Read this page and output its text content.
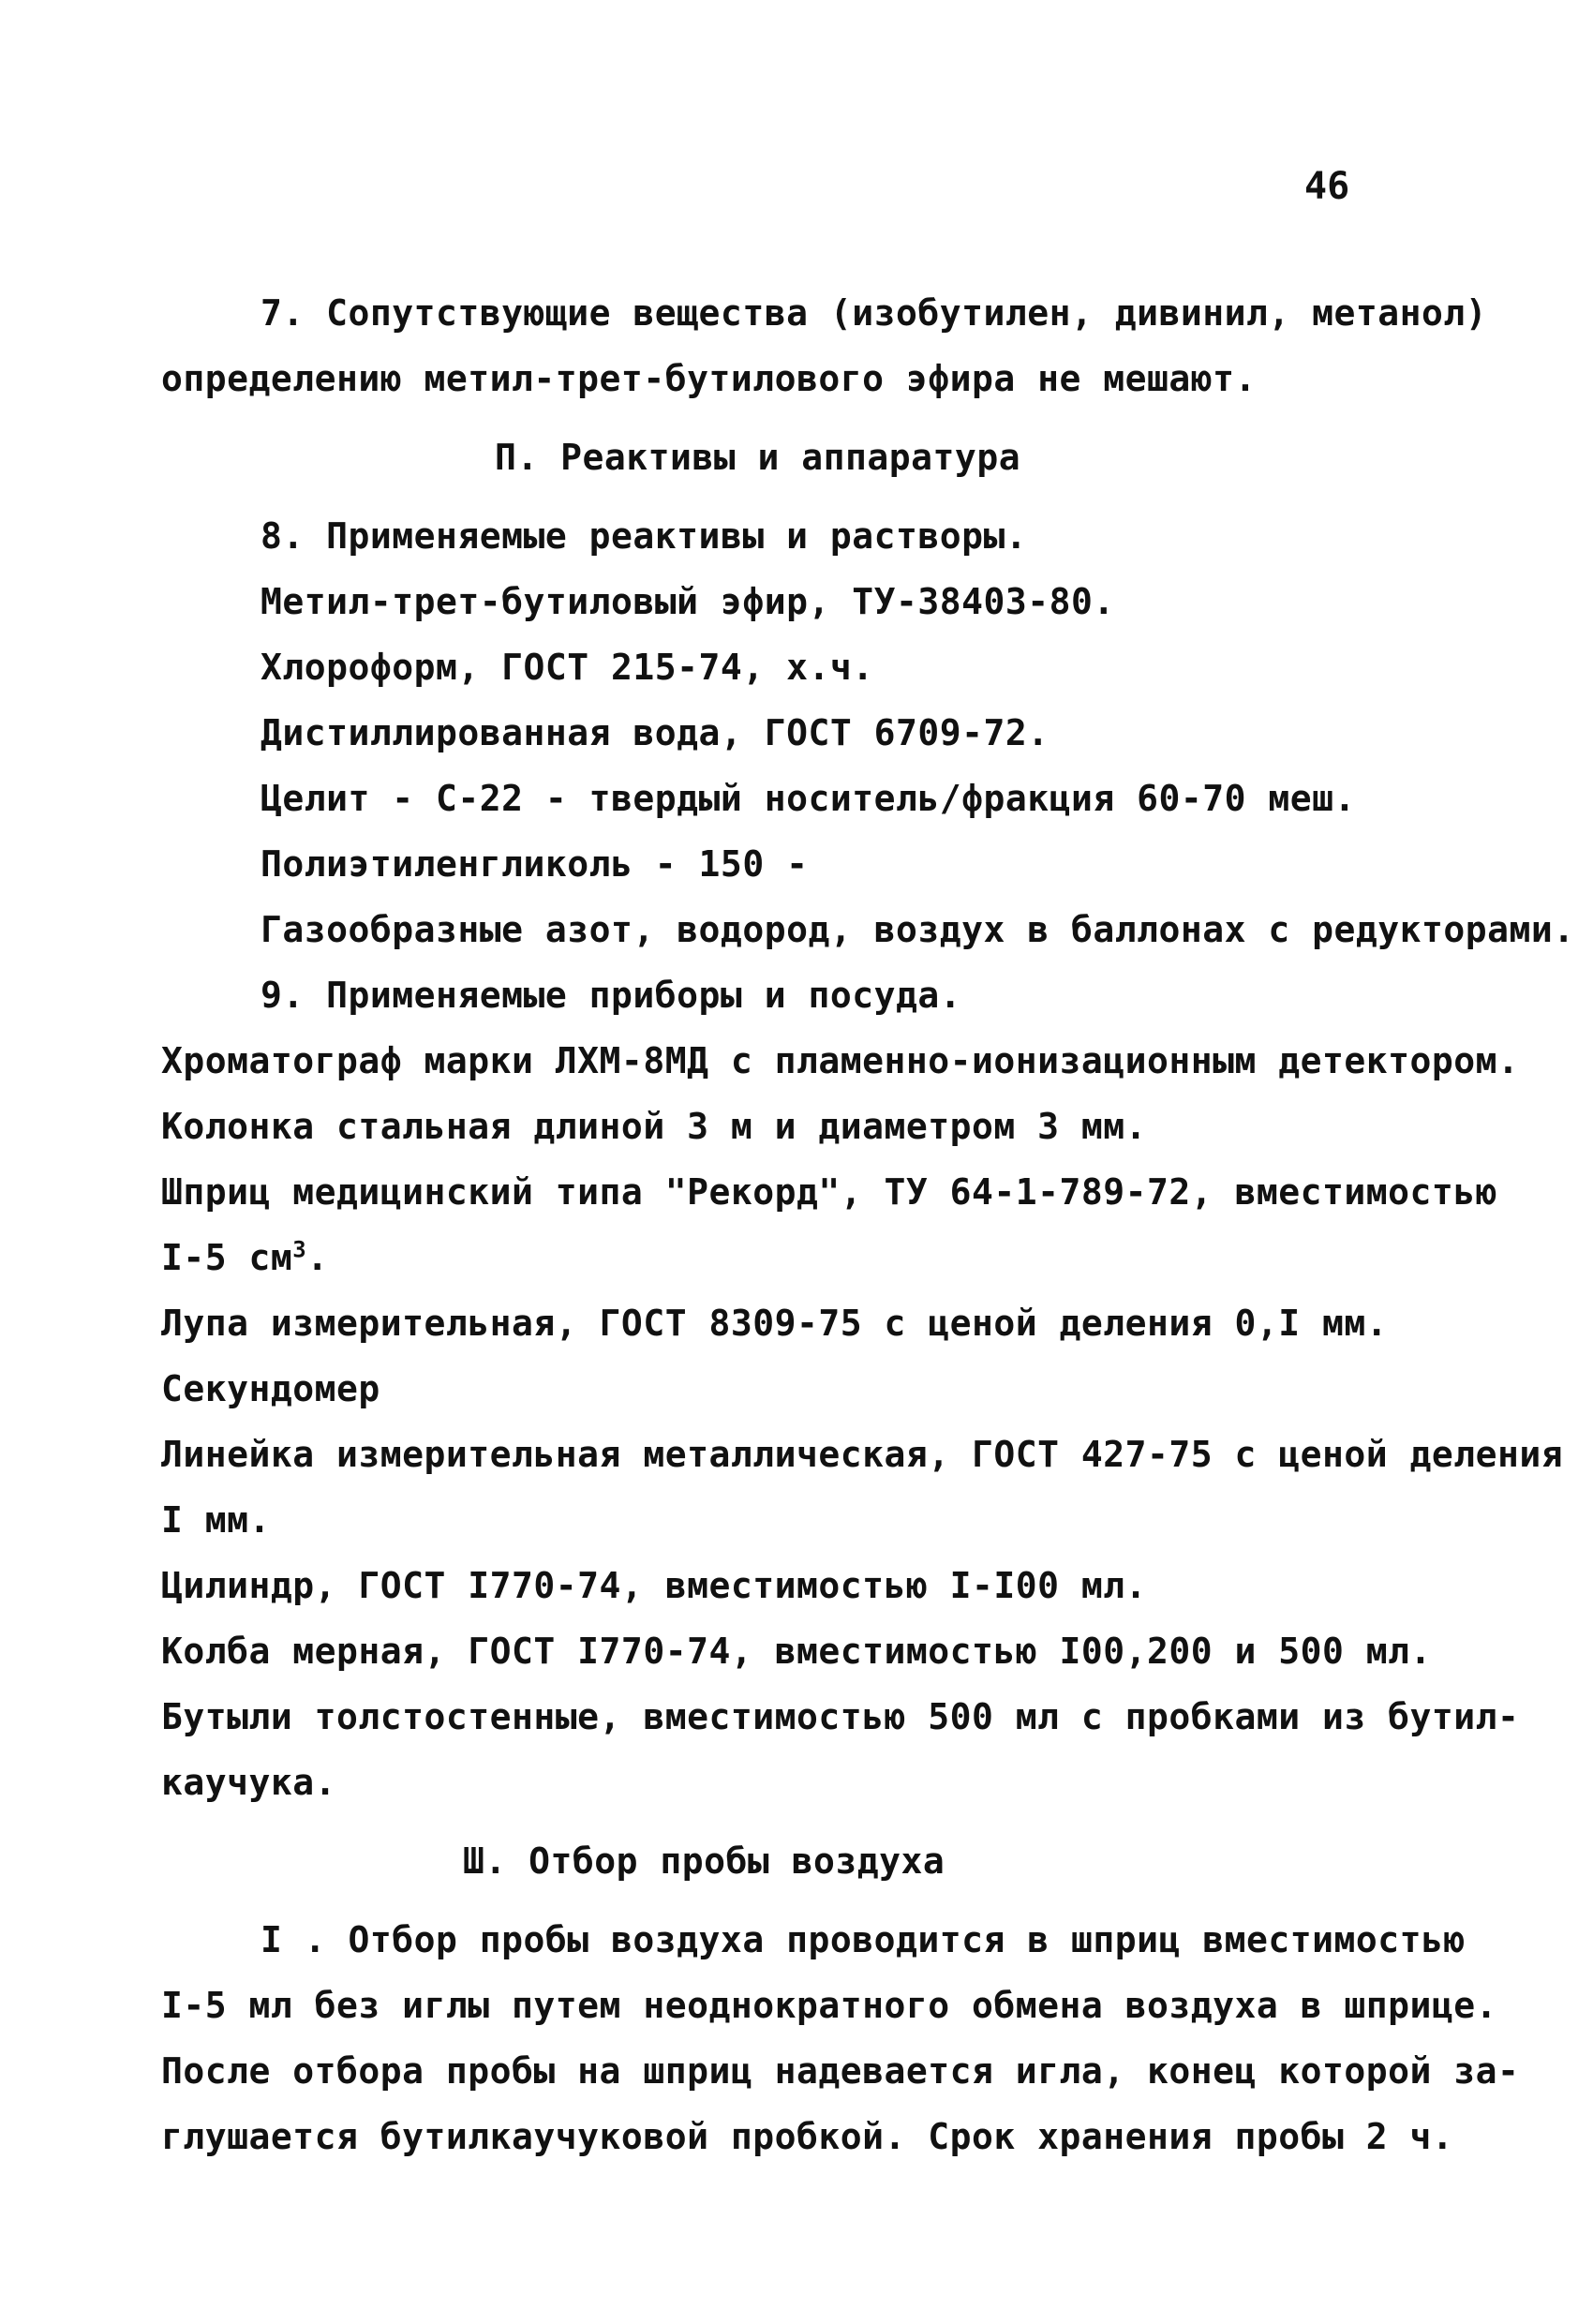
46
7. Сопутствующие вещества (изобутилен, дивинил, метанол)
определению метил-трет-бутилового эфира не мешают.
П. Реактивы и аппаратура
8. Применяемые реактивы и растворы.
Метил-трет-бутиловый эфир, ТУ-38403-80.
Хлороформ, ГОСТ 215-74, х.ч.
Дистиллированная вода, ГОСТ 6709-72.
Целит - С-22 - твердый носитель/фракция 60-70 меш.
Полиэтиленгликоль - 150 -
Газообразные азот, водород, воздух в баллонах с редукторами.
9. Применяемые приборы и посуда.
Хроматограф марки ЛХМ-8МД с пламенно-ионизационным детектором.
Колонка стальная длиной 3 м и диаметром 3 мм.
Шприц медицинский типа "Рекорд", ТУ 64-1-789-72, вместимостью
I-5 $см^3$.
Лупа измерительная, ГОСТ 8309-75 с ценой деления 0,I мм.
Секундомер
Линейка измерительная металлическая, ГОСТ 427-75 с ценой деления
I мм.
Цилиндр, ГОСТ I770-74, вместимостью I-I00 мл.
Колба мерная, ГОСТ I770-74, вместимостью I00,200 и 500 мл.
Бутыли толстостенные, вместимостью 500 мл с пробками из бутил-
каучука.
Ш. Отбор пробы воздуха
I . Отбор пробы воздуха проводится в шприц вместимостью
I-5 мл без иглы путем неоднократного обмена воздуха в шприце.
После отбора пробы на шприц надевается игла, конец которой за-
глушается бутилкаучуковой пробкой. Срок хранения пробы 2 ч.
